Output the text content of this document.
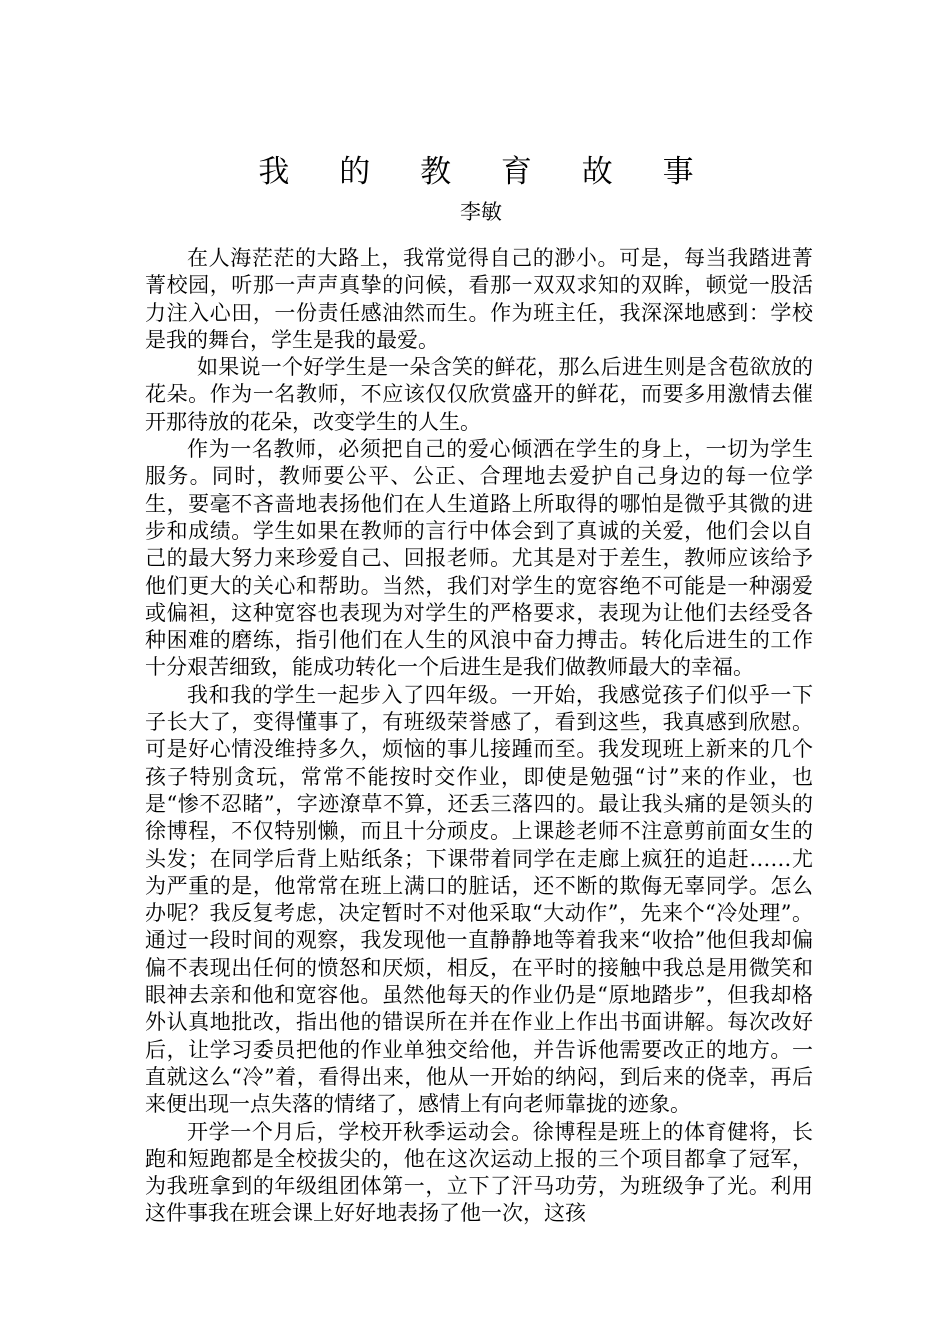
我 的 教 育 故 事
李敏

在人海茫茫的大路上，我常觉得自己的渺小。可是，每当我踏进菁菁校园，听那一声声真挚的问候，看那一双双求知的双眸，顿觉一股活力注入心田，一份责任感油然而生。作为班主任，我深深地感到：学校是我的舞台，学生是我的最爱。

如果说一个好学生是一朵含笑的鲜花，那么后进生则是含苞欲放的花朵。作为一名教师，不应该仅仅欣赏盛开的鲜花，而要多用激情去催开那待放的花朵，改变学生的人生。

作为一名教师，必须把自己的爱心倾洒在学生的身上，一切为学生服务。同时，教师要公平、公正、合理地去爱护自己身边的每一位学生，要毫不吝啬地表扬他们在人生道路上所取得的哪怕是微乎其微的进步和成绩。学生如果在教师的言行中体会到了真诚的关爱，他们会以自己的最大努力来珍爱自己、回报老师。尤其是对于差生，教师应该给予他们更大的关心和帮助。当然，我们对学生的宽容绝不可能是一种溺爱或偏袒，这种宽容也表现为对学生的严格要求，表现为让他们去经受各种困难的磨练，指引他们在人生的风浪中奋力搏击。转化后进生的工作十分艰苦细致，能成功转化一个后进生是我们做教师最大的幸福。

我和我的学生一起步入了四年级。一开始，我感觉孩子们似乎一下子长大了，变得懂事了，有班级荣誉感了，看到这些，我真感到欣慰。可是好心情没维持多久，烦恼的事儿接踵而至。我发现班上新来的几个孩子特别贪玩，常常不能按时交作业，即使是勉强“讨”来的作业，也是“惨不忍睹”，字迹潦草不算，还丢三落四的。最让我头痛的是领头的徐博程，不仅特别懒，而且十分顽皮。上课趁老师不注意剪前面女生的头发；在同学后背上贴纸条；下课带着同学在走廊上疯狂的追赶……尤为严重的是，他常常在班上满口的脏话，还不断的欺侮无辜同学。怎么办呢？我反复考虑，决定暂时不对他采取“大动作”，先来个“冷处理”。通过一段时间的观察，我发现他一直静静地等着我来“收拾”他但我却偏偏不表现出任何的愤怒和厌烦，相反，在平时的接触中我总是用微笑和眼神去亲和他和宽容他。虽然他每天的作业仍是“原地踏步”，但我却格外认真地批改，指出他的错误所在并在作业上作出书面讲解。每次改好后，让学习委员把他的作业单独交给他，并告诉他需要改正的地方。一直就这么“冷”着，看得出来，他从一开始的纳闷，到后来的侥幸，再后来便出现一点失落的情绪了，感情上有向老师靠拢的迹象。

开学一个月后，学校开秋季运动会。徐博程是班上的体育健将，长跑和短跑都是全校拔尖的，他在这次运动上报的三个项目都拿了冠军，为我班拿到的年级组团体第一，立下了汗马功劳，为班级争了光。利用这件事我在班会课上好好地表扬了他一次，这孩
